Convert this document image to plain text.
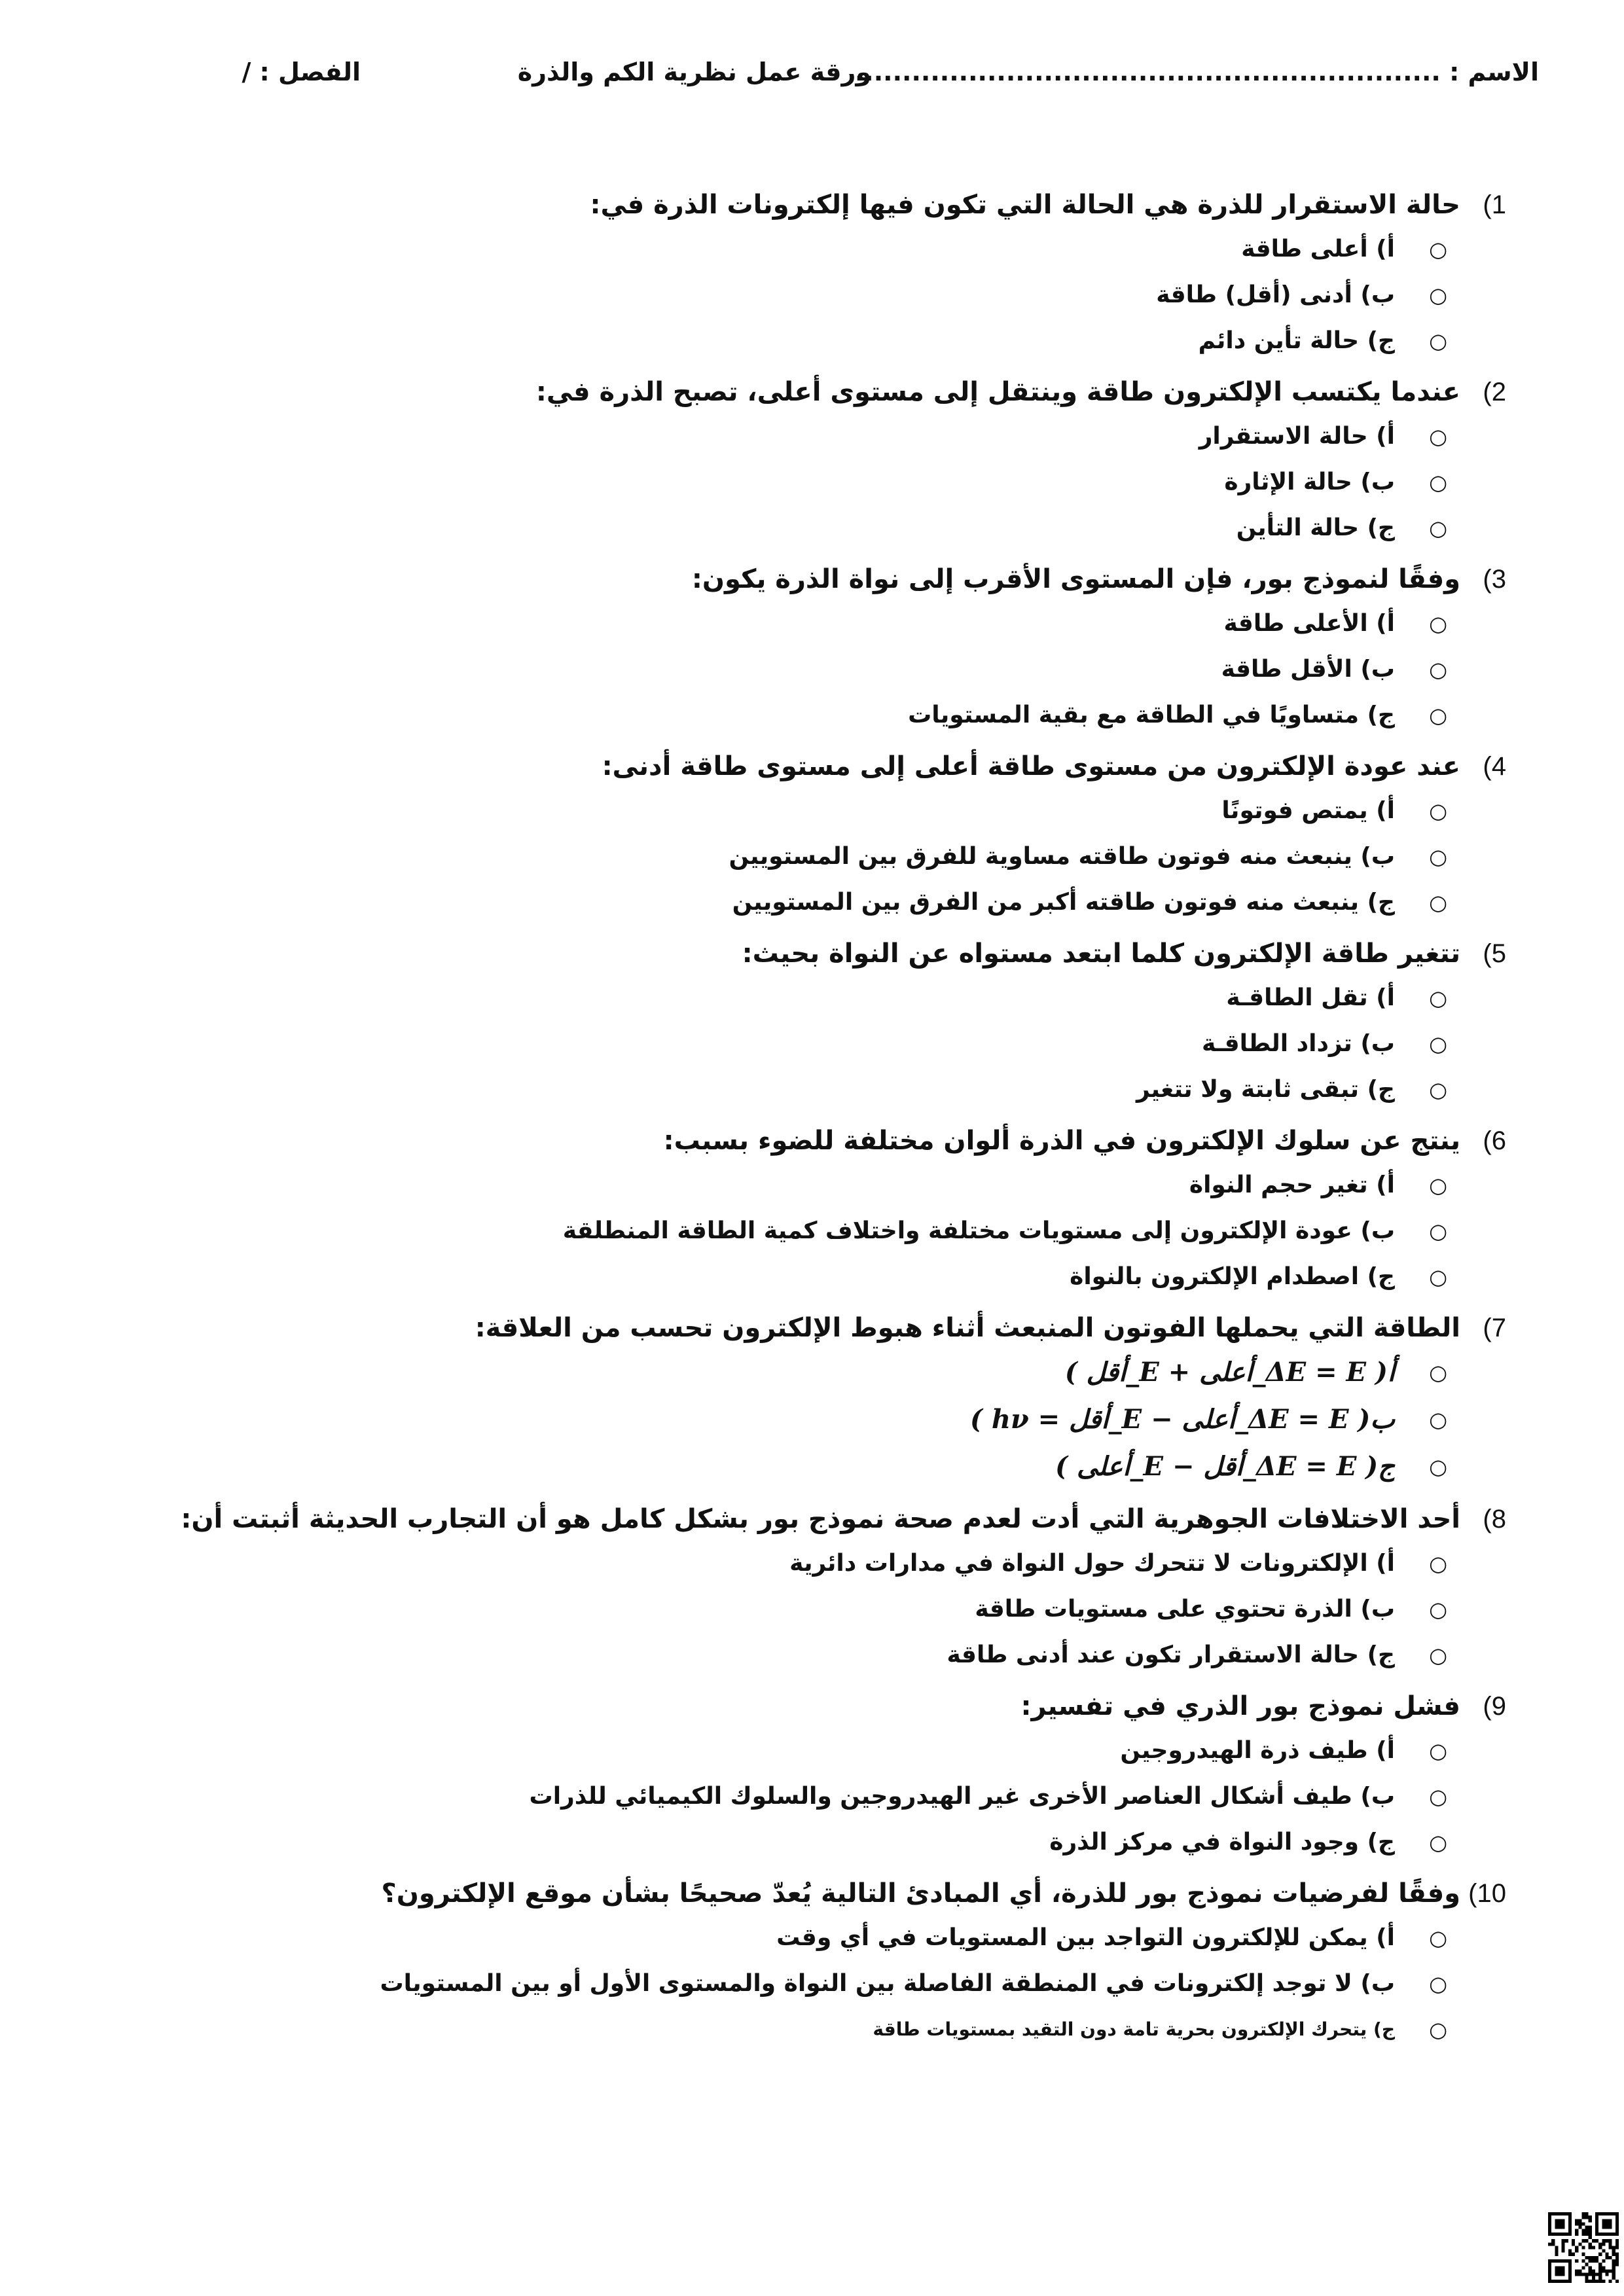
الاسم : ..............................................................
ورقة عمل نظرية الكم والذرة
الفصل : /
1)
حالة الاستقرار للذرة هي الحالة التي تكون فيها إلكترونات الذرة في:
○
أ) أعلى طاقة
○
ب) أدنى (أقل) طاقة
○
ج) حالة تأين دائم
2)
عندما يكتسب الإلكترون طاقة وينتقل إلى مستوى أعلى، تصبح الذرة في:
○
أ) حالة الاستقرار
○
ب) حالة الإثارة
○
ج) حالة التأين
3)
وفقًا لنموذج بور، فإن المستوى الأقرب إلى نواة الذرة يكون:
○
أ) الأعلى طاقة
○
ب) الأقل طاقة
○
ج) متساويًا في الطاقة مع بقية المستويات
4)
عند عودة الإلكترون من مستوى طاقة أعلى إلى مستوى طاقة أدنى:
○
أ) يمتص فوتونًا
○
ب) ينبعث منه فوتون طاقته مساوية للفرق بين المستويين
○
ج) ينبعث منه فوتون طاقته أكبر من الفرق بين المستويين
5)
تتغير طاقة الإلكترون كلما ابتعد مستواه عن النواة بحيث:
○
أ) تقل الطاقـة
○
ب) تزداد الطاقـة
○
ج) تبقى ثابتة ولا تتغير
6)
ينتج عن سلوك الإلكترون في الذرة ألوان مختلفة للضوء بسبب:
○
أ) تغير حجم النواة
○
ب) عودة الإلكترون إلى مستويات مختلفة واختلاف كمية الطاقة المنطلقة
○
ج) اصطدام الإلكترون بالنواة
7)
الطاقة التي يحملها الفوتون المنبعث أثناء هبوط الإلكترون تحسب من العلاقة:
○
أ( ΔE = E_أعلى + E_أقل )
○
ب( ΔE = E_أعلى − E_أقل = hν )
○
ج( ΔE = E_أقل − E_أعلى )
8)
أحد الاختلافات الجوهرية التي أدت لعدم صحة نموذج بور بشكل كامل هو أن التجارب الحديثة أثبتت أن:
○
أ) الإلكترونات لا تتحرك حول النواة في مدارات دائرية
○
ب) الذرة تحتوي على مستويات طاقة
○
ج) حالة الاستقرار تكون عند أدنى طاقة
9)
فشل نموذج بور الذري في تفسير:
○
أ) طيف ذرة الهيدروجين
○
ب) طيف أشكال العناصر الأخرى غير الهيدروجين والسلوك الكيميائي للذرات
○
ج) وجود النواة في مركز الذرة
10)
وفقًا لفرضيات نموذج بور للذرة، أي المبادئ التالية يُعدّ صحيحًا بشأن موقع الإلكترون؟
○
أ) يمكن للإلكترون التواجد بين المستويات في أي وقت
○
ب) لا توجد إلكترونات في المنطقة الفاصلة بين النواة والمستوى الأول أو بين المستويات
○
ج) يتحرك الإلكترون بحرية تامة دون التقيد بمستويات طاقة
